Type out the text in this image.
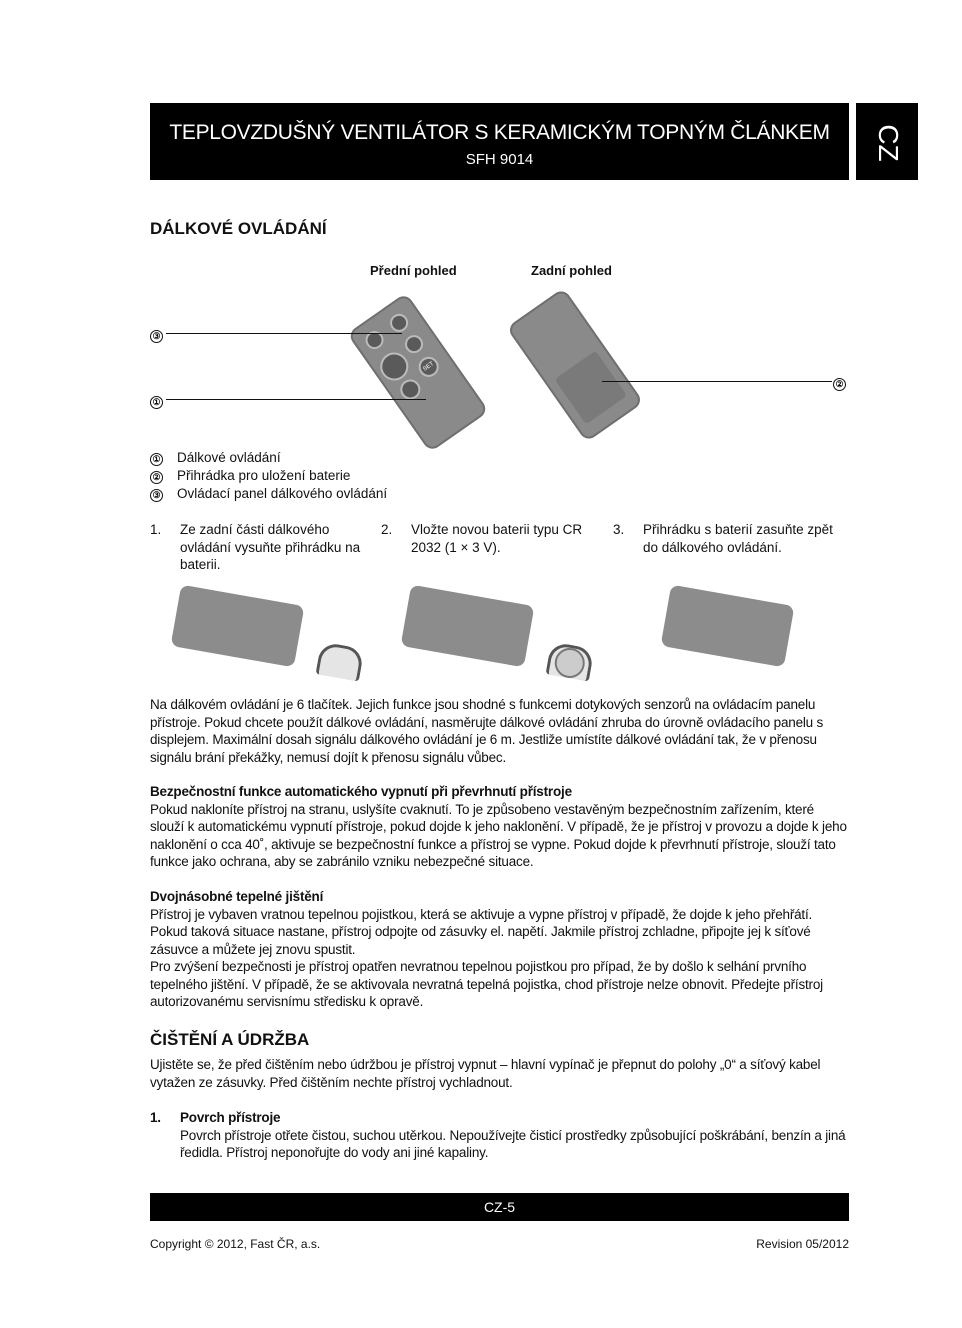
TEPLOVZDUŠNÝ VENTILÁTOR S KERAMICKÝM TOPNÝM ČLÁNKEM
SFH 9014	CZ
DÁLKOVÉ OVLÁDÁNÍ
Přední pohled	Zadní pohled
SET
③
①
②
① Dálkové ovládání
② Přihrádka pro uložení baterie
③ Ovládací panel dálkového ovládání
1. Ze zadní části dálkového ovládání vysuňte přihrádku na baterii.
2. Vložte novou baterii typu CR 2032 (1 × 3 V).
3. Přihrádku s baterií zasuňte zpět do dálkového ovládání.
Na dálkovém ovládání je 6 tlačítek. Jejich funkce jsou shodné s funkcemi dotykových senzorů na ovládacím panelu přístroje. Pokud chcete použít dálkové ovládání, nasměrujte dálkové ovládání zhruba do úrovně ovládacího panelu s displejem. Maximální dosah signálu dálkového ovládání je 6 m. Jestliže umístíte dálkové ovládání tak, že v přenosu signálu brání překážky, nemusí dojít k přenosu signálu vůbec.
Bezpečnostní funkce automatického vypnutí při převrhnutí přístroje
Pokud nakloníte přístroj na stranu, uslyšíte cvaknutí. To je způsobeno vestavěným bezpečnostním zařízením, které slouží k automatickému vypnutí přístroje, pokud dojde k jeho naklonění. V případě, že je přístroj v provozu a dojde k jeho naklonění o cca 40˚, aktivuje se bezpečnostní funkce a přístroj se vypne. Pokud dojde k převrhnutí přístroje, slouží tato funkce jako ochrana, aby se zabránilo vzniku nebezpečné situace.
Dvojnásobné tepelné jištění
Přístroj je vybaven vratnou tepelnou pojistkou, která se aktivuje a vypne přístroj v případě, že dojde k jeho přehřátí. Pokud taková situace nastane, přístroj odpojte od zásuvky el. napětí. Jakmile přístroj zchladne, připojte jej k síťové zásuvce a můžete jej znovu spustit.
Pro zvýšení bezpečnosti je přístroj opatřen nevratnou tepelnou pojistkou pro případ, že by došlo k selhání prvního tepelného jištění. V případě, že se aktivovala nevratná tepelná pojistka, chod přístroje nelze obnovit. Předejte přístroj autorizovanému servisnímu středisku k opravě.
ČIŠTĚNÍ A ÚDRŽBA
Ujistěte se, že před čištěním nebo údržbou je přístroj vypnut – hlavní vypínač je přepnut do polohy „0“ a síťový kabel vytažen ze zásuvky. Před čištěním nechte přístroj vychladnout.
1. Povrch přístroje
Povrch přístroje otřete čistou, suchou utěrkou. Nepoužívejte čisticí prostředky způsobující poškrábání, benzín a jiná ředidla. Přístroj neponořujte do vody ani jiné kapaliny.
CZ-5
Copyright © 2012, Fast ČR, a.s.	Revision 05/2012
